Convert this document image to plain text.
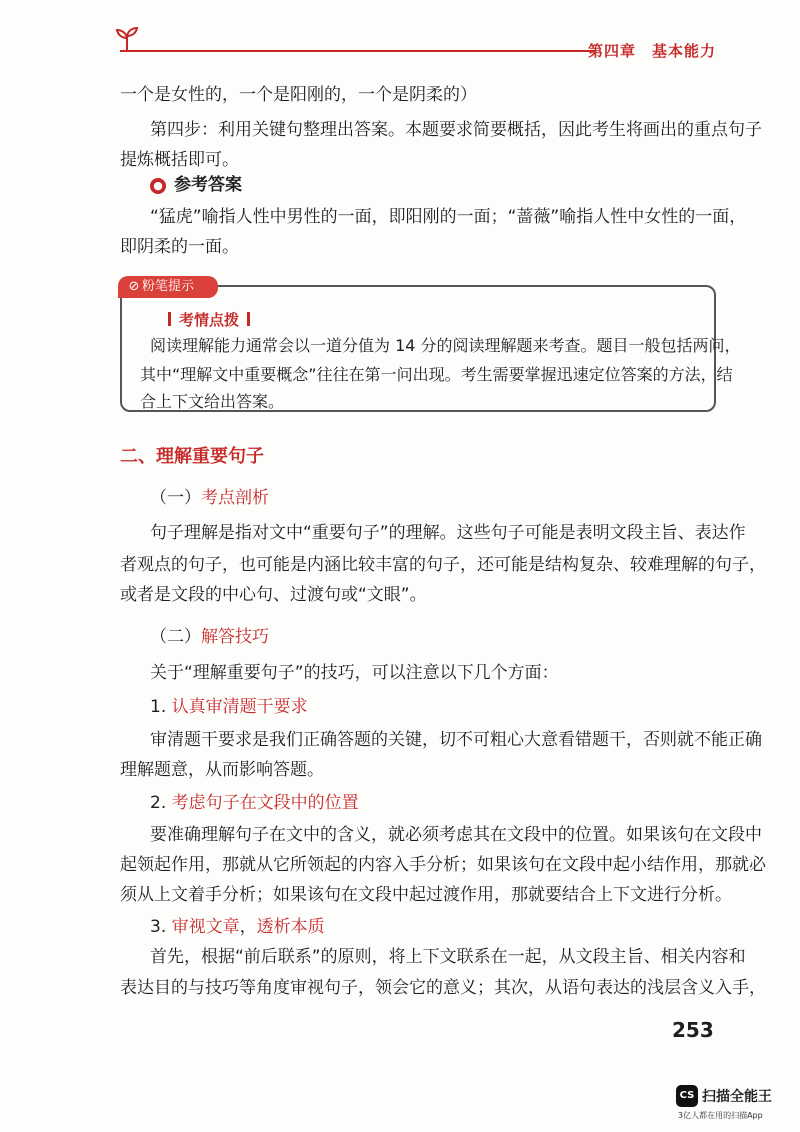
第四章　基本能力
一个是女性的，一个是阳刚的，一个是阴柔的）
第四步：利用关键句整理出答案。本题要求简要概括，因此考生将画出的重点句子
提炼概括即可。
● 参考答案
“猛虎”喻指人性中男性的一面，即阳刚的一面；“蔷薇”喻指人性中女性的一面，
即阴柔的一面。
⊘ 粉笔提示
考情点拨
阅读理解能力通常会以一道分值为 14 分的阅读理解题来考查。题目一般包括两问，
其中“理解文中重要概念”往往在第一问出现。考生需要掌握迅速定位答案的方法，结
合上下文给出答案。
二、理解重要句子
（一）考点剖析
句子理解是指对文中“重要句子”的理解。这些句子可能是表明文段主旨、表达作
者观点的句子，也可能是内涵比较丰富的句子，还可能是结构复杂、较难理解的句子，
或者是文段的中心句、过渡句或“文眼”。
（二）解答技巧
关于“理解重要句子”的技巧，可以注意以下几个方面：
1. 认真审清题干要求
审清题干要求是我们正确答题的关键，切不可粗心大意看错题干，否则就不能正确
理解题意，从而影响答题。
2. 考虑句子在文段中的位置
要准确理解句子在文中的含义，就必须考虑其在文段中的位置。如果该句在文段中
起领起作用，那就从它所领起的内容入手分析；如果该句在文段中起小结作用，那就必
须从上文着手分析；如果该句在文段中起过渡作用，那就要结合上下文进行分析。
3. 审视文章，透析本质
首先，根据“前后联系”的原则，将上下文联系在一起，从文段主旨、相关内容和
表达目的与技巧等角度审视句子，领会它的意义；其次，从语句表达的浅层含义入手，
253
CS 扫描全能王
3亿人都在用的扫描App
